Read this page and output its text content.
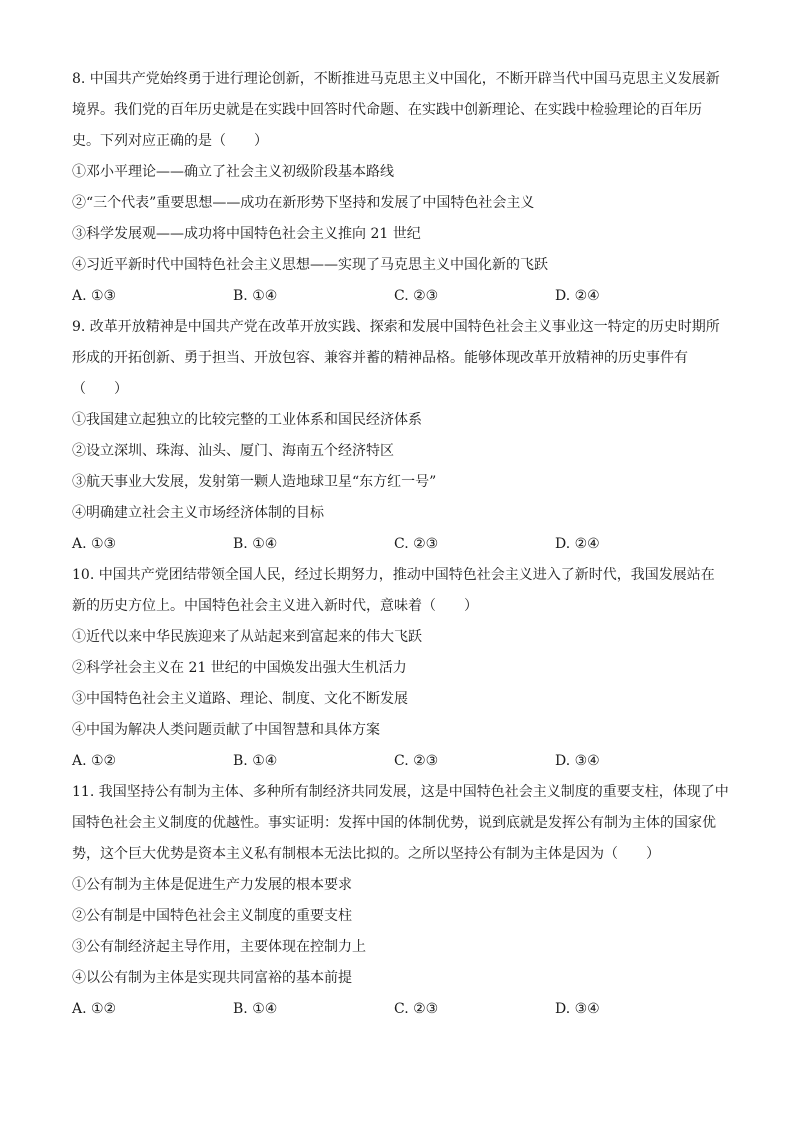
8. 中国共产党始终勇于进行理论创新，不断推进马克思主义中国化，不断开辟当代中国马克思主义发展新
境界。我们党的百年历史就是在实践中回答时代命题、在实践中创新理论、在实践中检验理论的百年历
史。下列对应正确的是（　　）
①邓小平理论——确立了社会主义初级阶段基本路线
②“三个代表”重要思想——成功在新形势下坚持和发展了中国特色社会主义
③科学发展观——成功将中国特色社会主义推向 21 世纪
④习近平新时代中国特色社会主义思想——实现了马克思主义中国化新的飞跃
A. ①③	B. ①④	C. ②③	D. ②④
9. 改革开放精神是中国共产党在改革开放实践、探索和发展中国特色社会主义事业这一特定的历史时期所
形成的开拓创新、勇于担当、开放包容、兼容并蓄的精神品格。能够体现改革开放精神的历史事件有
（　　）
①我国建立起独立的比较完整的工业体系和国民经济体系
②设立深圳、珠海、汕头、厦门、海南五个经济特区
③航天事业大发展，发射第一颗人造地球卫星“东方红一号”
④明确建立社会主义市场经济体制的目标
A. ①③	B. ①④	C. ②③	D. ②④
10. 中国共产党团结带领全国人民，经过长期努力，推动中国特色社会主义进入了新时代，我国发展站在
新的历史方位上。中国特色社会主义进入新时代，意味着（　　）
①近代以来中华民族迎来了从站起来到富起来的伟大飞跃
②科学社会主义在 21 世纪的中国焕发出强大生机活力
③中国特色社会主义道路、理论、制度、文化不断发展
④中国为解决人类问题贡献了中国智慧和具体方案
A. ①②	B. ①④	C. ②③	D. ③④
11. 我国坚持公有制为主体、多种所有制经济共同发展，这是中国特色社会主义制度的重要支柱，体现了中
国特色社会主义制度的优越性。事实证明：发挥中国的体制优势，说到底就是发挥公有制为主体的国家优
势，这个巨大优势是资本主义私有制根本无法比拟的。之所以坚持公有制为主体是因为（　　）
①公有制为主体是促进生产力发展的根本要求
②公有制是中国特色社会主义制度的重要支柱
③公有制经济起主导作用，主要体现在控制力上
④以公有制为主体是实现共同富裕的基本前提
A. ①②	B. ①④	C. ②③	D. ③④
